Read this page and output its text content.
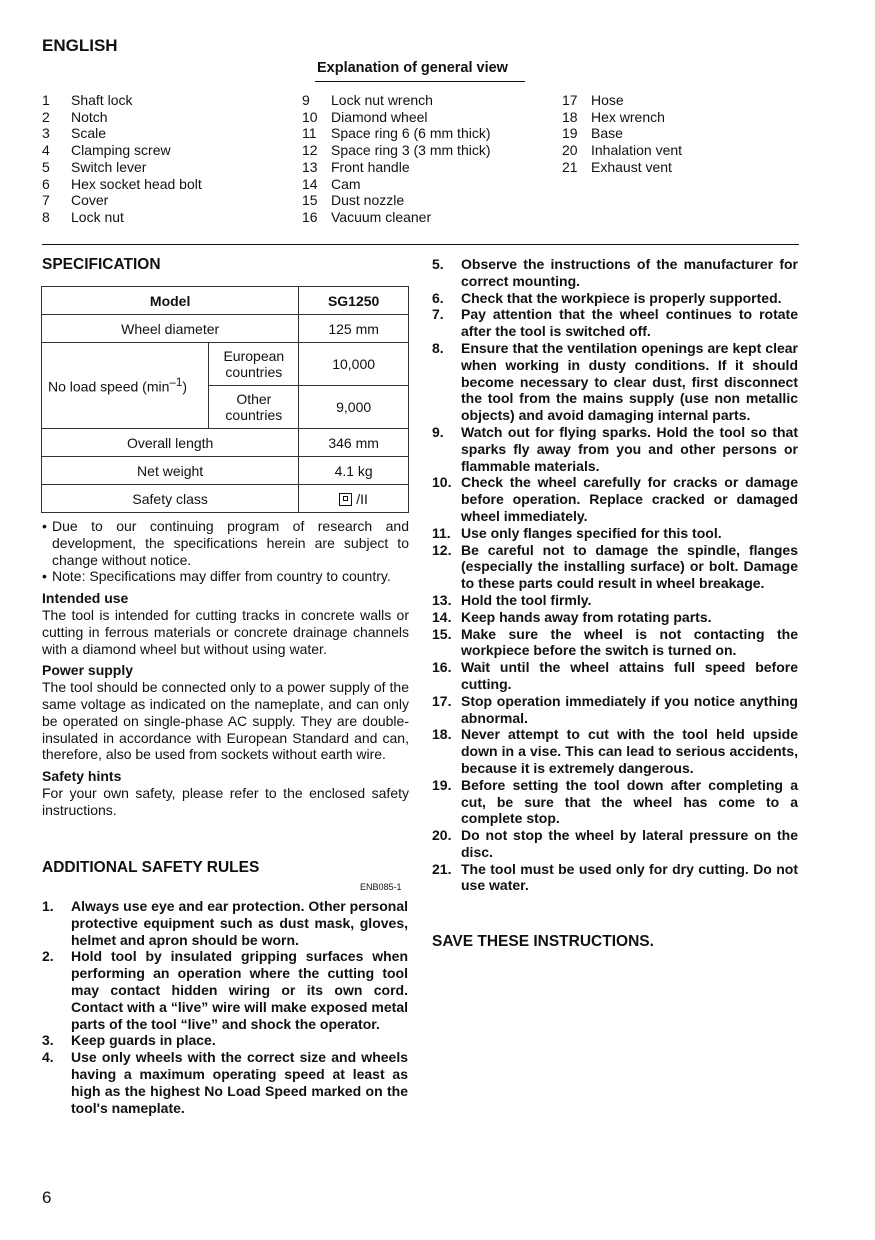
ENGLISH
Explanation of general view
1	Shaft lock
2	Notch
3	Scale
4	Clamping screw
5	Switch lever
6	Hex socket head bolt
7	Cover
8	Lock nut
9	Lock nut wrench
10 Diamond wheel
11	Space ring 6 (6 mm thick)
12 Space ring 3 (3 mm thick)
13 Front handle
14 Cam
15 Dust nozzle
16 Vacuum cleaner
17 Hose
18 Hex wrench
19 Base
20 Inhalation vent
21 Exhaust vent
SPECIFICATION
Model		SG1250
Wheel diameter		125 mm
No load speed $(\min^{-1})$	European countries	10,000
	Other countries	9,000
Overall length		346 mm
Net weight		4.1 kg
Safety class		/II
• Due to our continuing program of research and development, the specifications herein are subject to change without notice.
• Note: Specifications may differ from country to country.
Intended use
The tool is intended for cutting tracks in concrete walls or cutting in ferrous materials or concrete drainage channels with a diamond wheel but without using water.
Power supply
The tool should be connected only to a power supply of the same voltage as indicated on the nameplate, and can only be operated on single-phase AC supply. They are double-insulated in accordance with European Standard and can, therefore, also be used from sockets without earth wire.
Safety hints
For your own safety, please refer to the enclosed safety instructions.
ADDITIONAL SAFETY RULES
ENB085-1
1.	Always use eye and ear protection. Other personal protective equipment such as dust mask, gloves, helmet and apron should be worn.
2.	Hold tool by insulated gripping surfaces when performing an operation where the cutting tool may contact hidden wiring or its own cord. Contact with a “live” wire will make exposed metal parts of the tool “live” and shock the operator.
3.	Keep guards in place.
4.	Use only wheels with the correct size and wheels having a maximum operating speed at least as high as the highest No Load Speed marked on the tool's nameplate.
5.	Observe the instructions of the manufacturer for correct mounting.
6.	Check that the workpiece is properly supported.
7.	Pay attention that the wheel continues to rotate after the tool is switched off.
8.	Ensure that the ventilation openings are kept clear when working in dusty conditions. If it should become necessary to clear dust, first disconnect the tool from the mains supply (use non metallic objects) and avoid damaging internal parts.
9.	Watch out for flying sparks. Hold the tool so that sparks fly away from you and other persons or flammable materials.
10. Check the wheel carefully for cracks or damage before operation. Replace cracked or damaged wheel immediately.
11. Use only flanges specified for this tool.
12. Be careful not to damage the spindle, flanges (especially the installing surface) or bolt. Damage to these parts could result in wheel breakage.
13. Hold the tool firmly.
14. Keep hands away from rotating parts.
15. Make sure the wheel is not contacting the workpiece before the switch is turned on.
16. Wait until the wheel attains full speed before cutting.
17. Stop operation immediately if you notice anything abnormal.
18. Never attempt to cut with the tool held upside down in a vise. This can lead to serious accidents, because it is extremely dangerous.
19. Before setting the tool down after completing a cut, be sure that the wheel has come to a complete stop.
20. Do not stop the wheel by lateral pressure on the disc.
21. The tool must be used only for dry cutting. Do not use water.
SAVE THESE INSTRUCTIONS.
6
